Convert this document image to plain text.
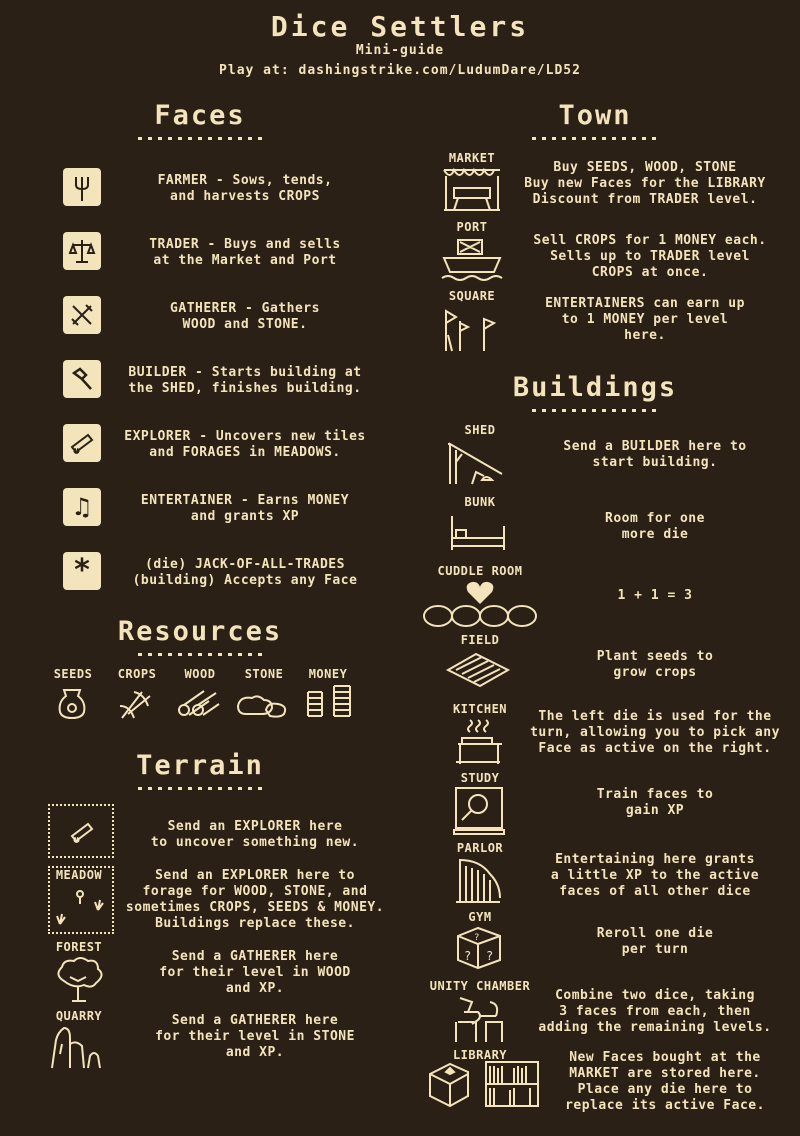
Dice Settlers
Mini-guide
Play at: dashingstrike.com/LudumDare/LD52
Faces
FARMER - Sows, tends,
and harvests CROPS
TRADER - Buys and sells
at the Market and Port
GATHERER - Gathers
WOOD and STONE.
BUILDER - Starts building at
the SHED, finishes building.
EXPLORER - Uncovers new tiles
and FORAGES in MEADOWS.
♫	ENTERTAINER - Earns MONEY
and grants XP
*	(die) JACK-OF-ALL-TRADES
(building) Accepts any Face
Resources
SEEDS	CROPS	WOOD	STONE	MONEY
Terrain
Send an EXPLORER here
to uncover something new.
MEADOW	Send an EXPLORER here to
forage for WOOD, STONE, and
sometimes CROPS, SEEDS & MONEY.
Buildings replace these.
FOREST
Send a GATHERER here
for their level in WOOD
and XP.
QUARRY	Send a GATHERER here
for their level in STONE
and XP.
Town
MARKET
Buy SEEDS, WOOD, STONE
Buy new Faces for the LIBRARY
Discount from TRADER level.
PORT
Sell CROPS for 1 MONEY each.
Sells up to TRADER level
CROPS at once.
SQUARE	ENTERTAINERS can earn up
to 1 MONEY per level
here.
Buildings
SHED
Send a BUILDER here to
start building.
BUNK
Room for one
more die
CUDDLE ROOM
1 + 1 = 3
FIELD
Plant seeds to
grow crops
KITCHEN	The left die is used for the
turn, allowing you to pick any
Face as active on the right.
STUDY
Train faces to
gain XP
PARLOR
Entertaining here grants
a little XP to the active
faces of all other dice
GYM
? ?
?	Reroll one die
per turn
UNITY CHAMBER
Combine two dice, taking
3 faces from each, then
adding the remaining levels.
LIBRARY	New Faces bought at the
MARKET are stored here.
Place any die here to
replace its active Face.
